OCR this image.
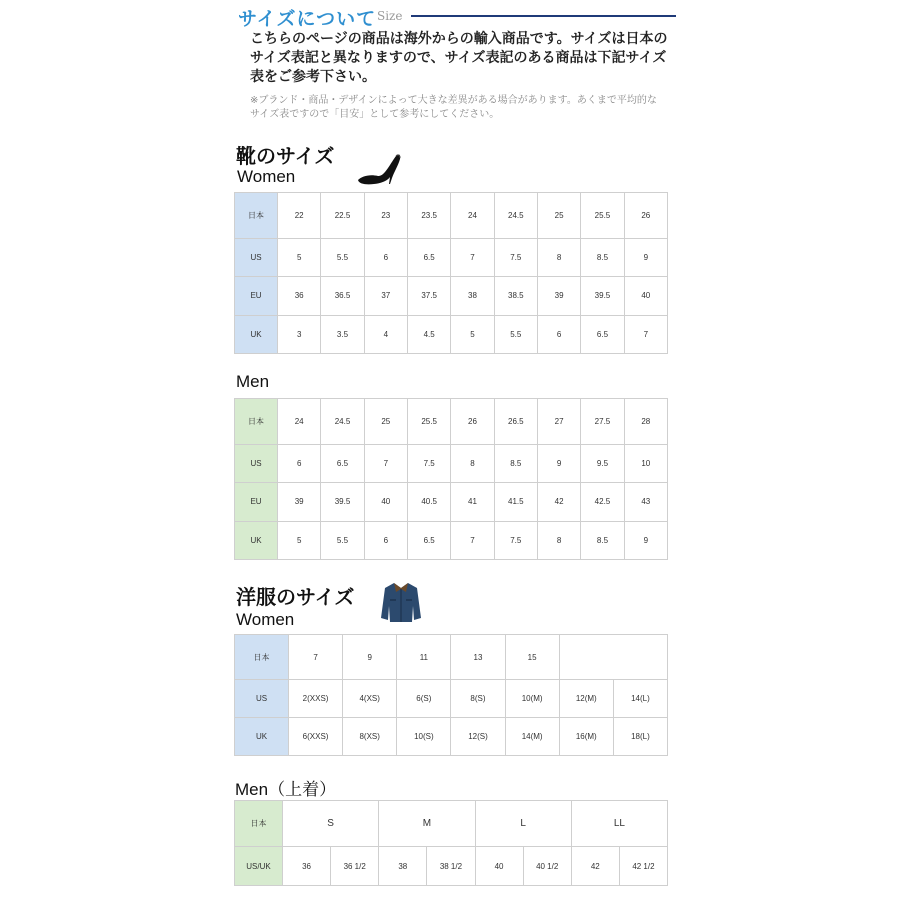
サイズについて Size
こちらのページの商品は海外からの輸入商品です。サイズは日本のサイズ表記と異なりますので、サイズ表記のある商品は下記サイズ表をご参考下さい。
※ブランド・商品・デザインによって大きな差異がある場合があります。あくまで平均的なサイズ表ですので「目安」として参考にしてください。
靴のサイズ
Women
日本	22	22.5	23	23.5	24	24.5	25	25.5	26
US	5	5.5	6	6.5	7	7.5	8	8.5	9
EU	36	36.5	37	37.5	38	38.5	39	39.5	40
UK	3	3.5	4	4.5	5	5.5	6	6.5	7
Men
日本	24	24.5	25	25.5	26	26.5	27	27.5	28
US	6	6.5	7	7.5	8	8.5	9	9.5	10
EU	39	39.5	40	40.5	41	41.5	42	42.5	43
UK	5	5.5	6	6.5	7	7.5	8	8.5	9
洋服のサイズ
Women
日本	7	9	11	13	15		
US	2(XXS)	4(XS)	6(S)	8(S)	10(M)	12(M)	14(L)
UK	6(XXS)	8(XS)	10(S)	12(S)	14(M)	16(M)	18(L)
Men（上着）
日本	S		M		L		LL	
US/UK	36	36 1/2	38	38 1/2	40	40 1/2	42	42 1/2
